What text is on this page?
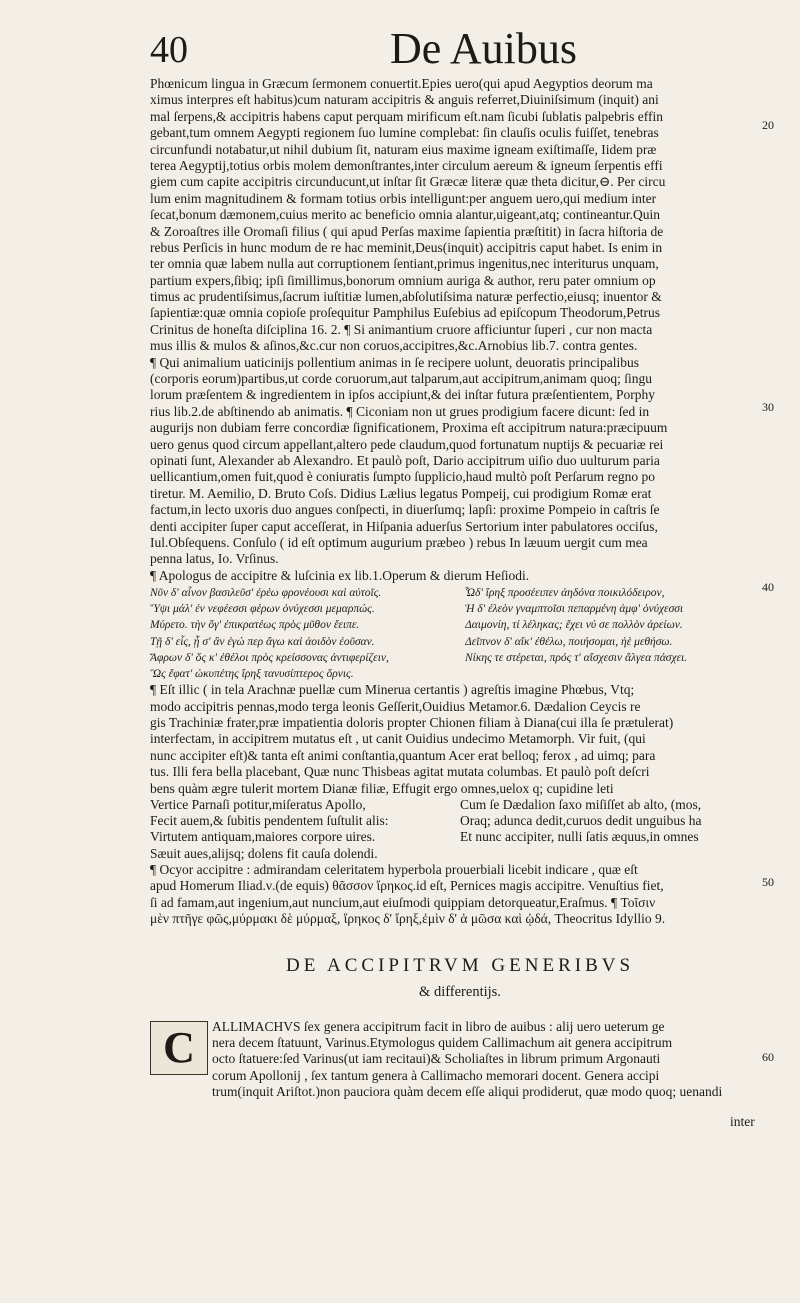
40	De Auibus
Phœnicum lingua in Græcum ſermonem conuertit.Epies uero(qui apud Aegyptios deorum ma
ximus interpres eſt habitus)cum naturam accipitris & anguis referret,Diuiniſsimum (inquit) ani
mal ſerpens,& accipitris habens caput perquam mirificum eſt.nam ſicubi ſublatis palpebris effin
gebant,tum omnem Aegypti regionem ſuo lumine complebat: ſin clauſis oculis fuiſſet, tenebras
circunfundi notabatur,ut nihil dubium ſit, naturam eius maxime igneam exiſtimaſſe, Iidem præ
terea Aegyptij,totius orbis molem demonſtrantes,inter circulum aereum & igneum ſerpentis effi
giem cum capite accipitris circunducunt,ut inſtar ſit Græcæ literæ quæ theta dicitur,⊖. Per circu
lum enim magnitudinem & formam totius orbis intelligunt:per anguem uero,qui medium inter
ſecat,bonum dæmonem,cuius merito ac beneficio omnia alantur,uigeant,atq; contineantur.Quin
& Zoroaſtres ille Oromaſi filius ( qui apud Perſas maxime ſapientia præſtitit) in ſacra hiſtoria de
rebus Perſicis in hunc modum de re hac meminit,Deus(inquit) accipitris caput habet. Is enim in
ter omnia quæ labem nulla aut corruptionem ſentiant,primus ingenitus,nec interiturus unquam,
partium expers,ſibiq; ipſi ſimillimus,bonorum omnium auriga & author, reru pater omnium op
timus ac prudentiſsimus,ſacrum iuſtitiæ lumen,abſolutiſsima naturæ perfectio,eiusq; inuentor &
ſapientiæ:quæ omnia copioſe proſequitur Pamphilus Euſebius ad epiſcopum Theodorum,Petrus
Crinitus de honeſta diſciplina 16. 2. ¶ Si animantium cruore afficiuntur ſuperi , cur non macta
mus illis & mulos & aſinos,&c.cur non coruos,accipitres,&c.Arnobius lib.7. contra gentes.
¶ Qui animalium uaticinijs pollentium animas in ſe recipere uolunt, deuoratis principalibus
(corporis eorum)partibus,ut corde coruorum,aut talparum,aut accipitrum,animam quoq; ſingu
lorum præſentem & ingredientem in ipſos accipiunt,& dei inſtar futura præſentientem, Porphy
rius lib.2.de abſtinendo ab animatis. ¶ Ciconiam non ut grues prodigium facere dicunt: ſed in
augurijs non dubiam ferre concordiæ ſignificationem, Proxima eſt accipitrum natura:præcipuum
uero genus quod circum appellant,altero pede claudum,quod fortunatum nuptijs & pecuariæ rei
opinati ſunt, Alexander ab Alexandro. Et paulò poſt, Dario accipitrum uiſio duo uulturum paria
uellicantium,omen fuit,quod è coniuratis ſumpto ſupplicio,haud multò poſt Perſarum regno po
tiretur. M. Aemilio, D. Bruto Coſs. Didius Lælius legatus Pompeij, cui prodigium Romæ erat
factum,in lecto uxoris duo angues conſpecti, in diuerſumq; lapſi: proxime Pompeio in caſtris ſe
denti accipiter ſuper caput acceſſerat, in Hiſpania aduerſus Sertorium inter pabulatores occiſus,
Iul.Obſequens. Conſulo ( id eſt optimum augurium præbeo ) rebus In læuum uergit cum mea
penna latus, Io. Vrſinus.
¶ Apologus de accipitre & luſcinia ex lib.1.Operum & dierum Heſiodi.
Νῦν δ' αἶνον βασιλεῦσ' ἐρέω φρονέουσι καὶ αὐτοῖς.
Ὕψι μάλ' ἐν νεφέεσσι φέρων ὀνύχεσσι μεμαρπώς.
Μύρετο. τὴν ὅγ' ἐπικρατέως πρὸς μῦθον ἔειπε.
Τῇ δ' εἶς, ᾗ σ' ἂν ἐγώ περ ἄγω καὶ ἀοιδὸν ἐοῦσαν.
Ἄφρων δ' ὅς κ' ἐθέλοι πρὸς κρείσσονας ἀντιφερίζειν,
Ὣς ἔφατ' ὠκυπέτης ἴρηξ τανυσίπτερος ὄρνις.
Ὧδ' ἴρηξ προσέειπεν ἀηδόνα ποικιλόδειρον,
Ἡ δ' ἐλεὸν γναμπτοῖσι πεπαρμένη ἀμφ' ὀνύχεσσι
Δαιμονίη, τί λέληκας; ἔχει νύ σε πολλὸν ἀρείων.
Δεῖπνον δ' αἴκ' ἐθέλω, ποιήσομαι, ἠὲ μεθήσω.
Νίκης τε στέρεται, πρός τ' αἴσχεσιν ἄλγεα πάσχει.
¶ Eſt illic ( in tela Arachnæ puellæ cum Minerua certantis ) agreſtis imagine Phœbus, Vtq;
modo accipitris pennas,modo terga leonis Geſſerit,Ouidius Metamor.6. Dædalion Ceycis re
gis Trachiniæ frater,præ impatientia doloris propter Chionen filiam à Diana(cui illa ſe prætulerat)
interfectam, in accipitrem mutatus eſt , ut canit Ouidius undecimo Metamorph. Vir fuit, (qui
nunc accipiter eſt)& tanta eſt animi conſtantia,quantum Acer erat belloq; ferox , ad uimq; para
tus. Illi fera bella placebant, Quæ nunc Thisbeas agitat mutata columbas. Et paulò poſt deſcri
bens quàm ægre tulerit mortem Dianæ filiæ, Effugit ergo omnes,uelox q; cupidine leti
Vertice Parnaſi potitur,miſeratus Apollo,
Fecit auem,& ſubitis pendentem ſuſtulit alis:
Virtutem antiquam,maiores corpore uires.
Sæuit aues,alijsq; dolens fit cauſa dolendi.
Cum ſe Dædalion ſaxo miſiſſet ab alto, (mos,
Oraq; adunca dedit,curuos dedit unguibus ha
Et nunc accipiter, nulli ſatis æquus,in omnes
¶ Ocyor accipitre : admirandam celeritatem hyperbola prouerbiali licebit indicare , quæ eſt
apud Homerum Iliad.ν.(de equis) θᾶσσον ἴρηκος.id eſt, Pernices magis accipitre. Venuſtius fiet,
ſi ad famam,aut ingenium,aut nuncium,aut eiuſmodi quippiam detorqueatur,Eraſmus. ¶ Τοῖσιν
μὲν πτῆγε φῶς,μύρμακι δὲ μύρμαξ, ἴρηκος δ' ἴρηξ,ἐμὶν δ' ἁ μῶσα καὶ ᾠδά, Theocritus Idyllio 9.
20
30
40
50
60
DE ACCIPITRVM GENERIBVS
& differentijs.
C ALLIMACHVS ſex genera accipitrum facit in libro de auibus : alij uero ueterum ge
nera decem ſtatuunt, Varinus.Etymologus quidem Callimachum ait genera accipitrum
octo ſtatuere:ſed Varinus(ut iam recitaui)& Scholiaſtes in librum primum Argonauti
corum Apollonij , ſex tantum genera à Callimacho memorari docent. Genera accipi
trum(inquit Ariſtot.)non pauciora quàm decem eſſe aliqui prodiderut, quæ modo quoq; uenandi
inter
